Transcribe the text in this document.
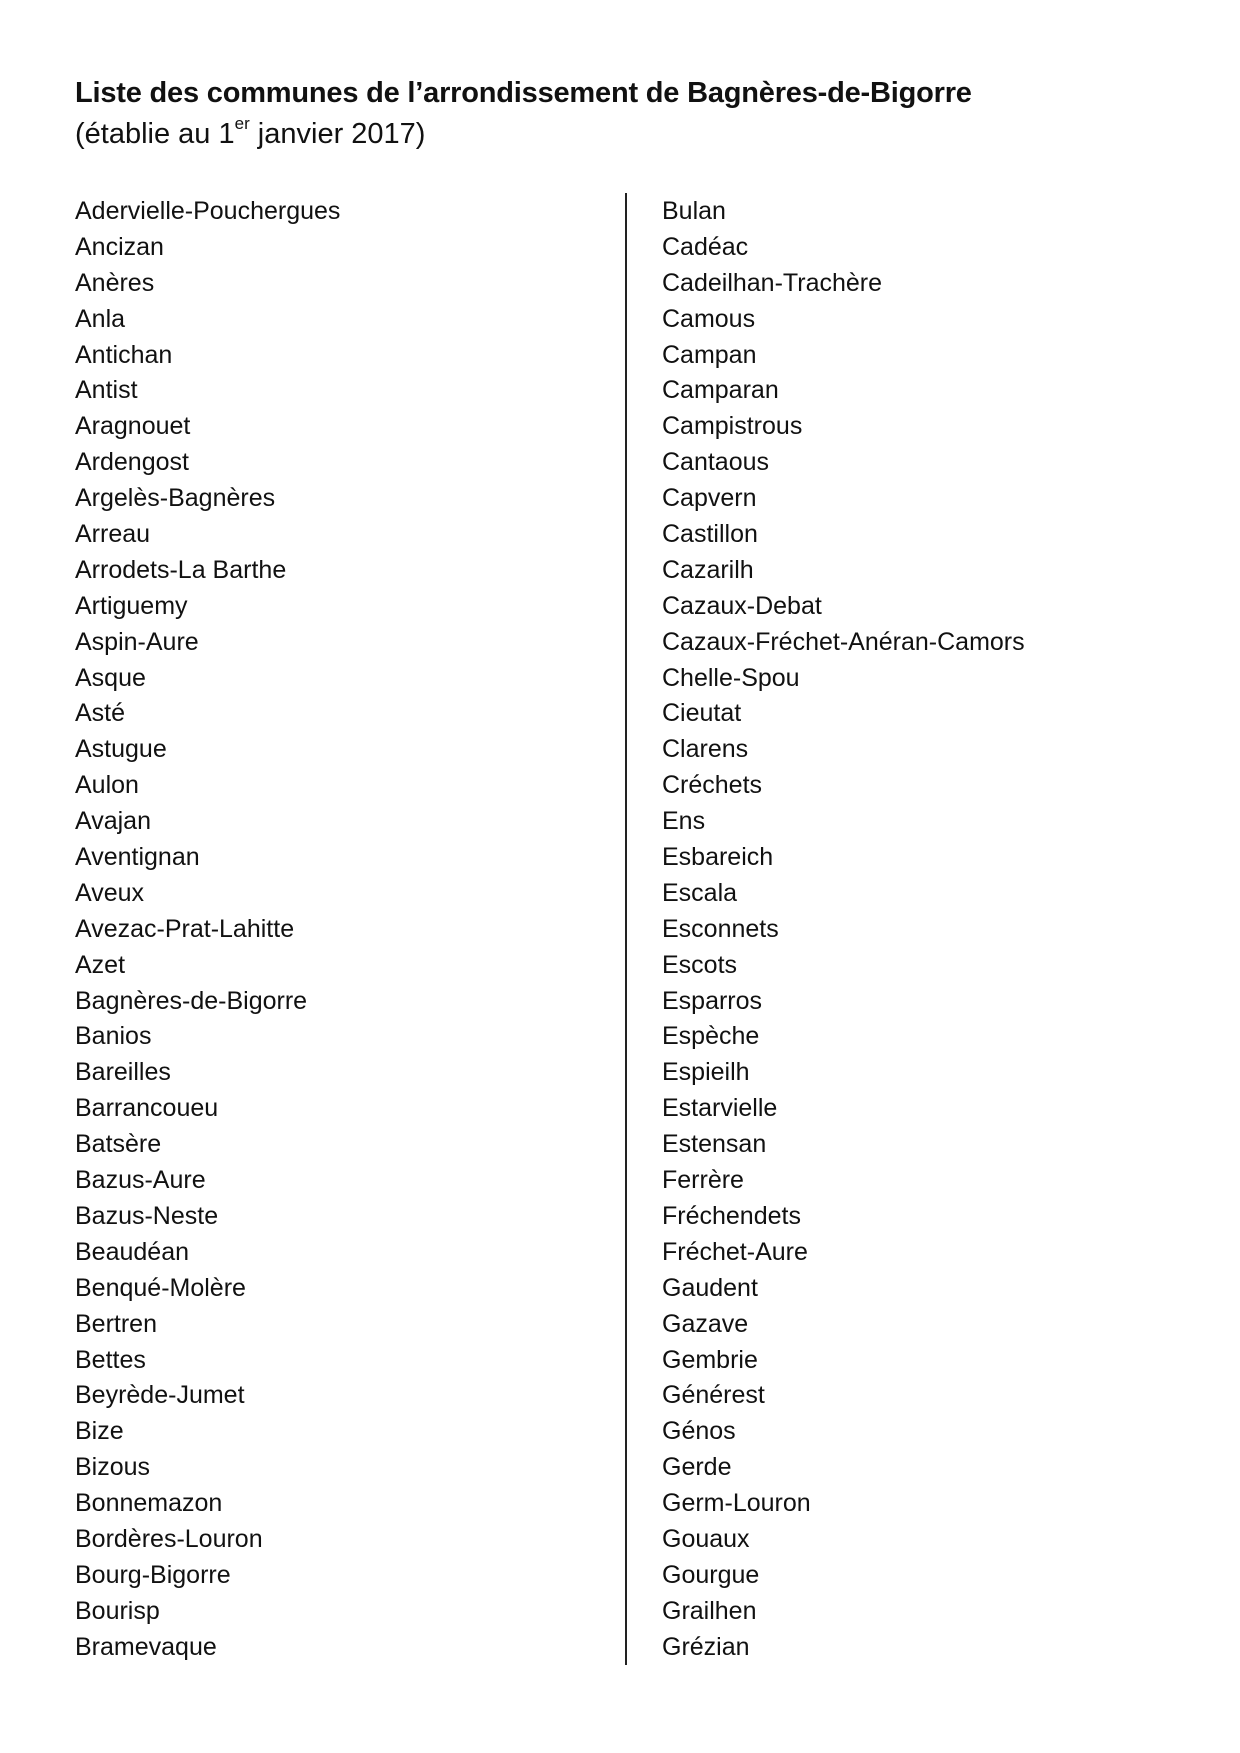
Liste des communes de l’arrondissement de Bagnères-de-Bigorre
(établie au 1er janvier 2017)
Adervielle-Pouchergues
Ancizan
Anères
Anla
Antichan
Antist
Aragnouet
Ardengost
Argelès-Bagnères
Arreau
Arrodets-La Barthe
Artiguemy
Aspin-Aure
Asque
Asté
Astugue
Aulon
Avajan
Aventignan
Aveux
Avezac-Prat-Lahitte
Azet
Bagnères-de-Bigorre
Banios
Bareilles
Barrancoueu
Batsère
Bazus-Aure
Bazus-Neste
Beaudéan
Benqué-Molère
Bertren
Bettes
Beyrède-Jumet
Bize
Bizous
Bonnemazon
Bordères-Louron
Bourg-Bigorre
Bourisp
Bramevaque
Bulan
Cadéac
Cadeilhan-Trachère
Camous
Campan
Camparan
Campistrous
Cantaous
Capvern
Castillon
Cazarilh
Cazaux-Debat
Cazaux-Fréchet-Anéran-Camors
Chelle-Spou
Cieutat
Clarens
Créchets
Ens
Esbareich
Escala
Esconnets
Escots
Esparros
Espèche
Espieilh
Estarvielle
Estensan
Ferrère
Fréchendets
Fréchet-Aure
Gaudent
Gazave
Gembrie
Générest
Génos
Gerde
Germ-Louron
Gouaux
Gourgue
Grailhen
Grézian
